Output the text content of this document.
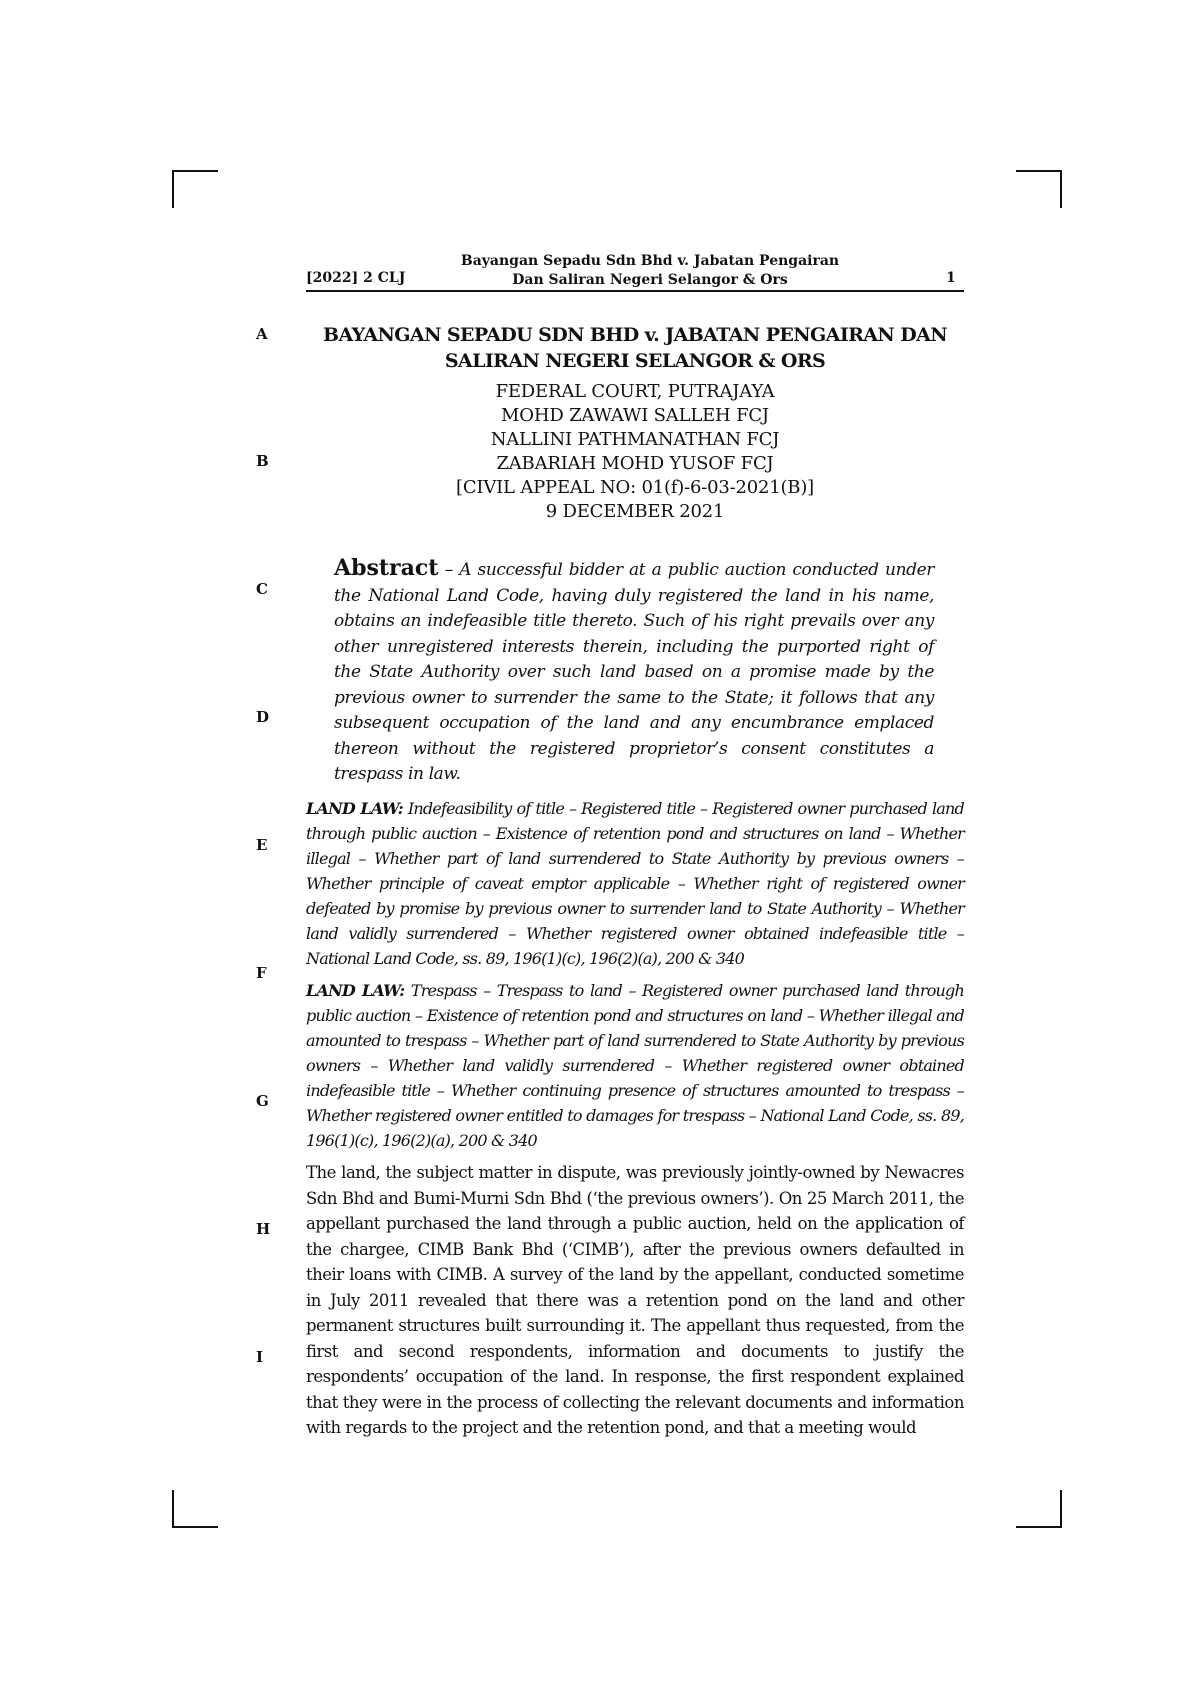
[2022] 2 CLJ
Bayangan Sepadu Sdn Bhd v. Jabatan Pengairan
Dan Saliran Negeri Selangor & Ors	1
A
B
C
D
E
F
G
H
I
BAYANGAN SEPADU SDN BHD v. JABATAN PENGAIRAN DAN
SALIRAN NEGERI SELANGOR & ORS
FEDERAL COURT, PUTRAJAYA
MOHD ZAWAWI SALLEH FCJ
NALLINI PATHMANATHAN FCJ
ZABARIAH MOHD YUSOF FCJ
[CIVIL APPEAL NO: 01(f)-6-03-2021(B)]
9 DECEMBER 2021
Abstract – A successful bidder at a public auction conducted under the National Land Code, having duly registered the land in his name, obtains an indefeasible title thereto. Such of his right prevails over any other unregistered interests therein, including the purported right of the State Authority over such land based on a promise made by the previous owner to surrender the same to the State; it follows that any subsequent occupation of the land and any encumbrance emplaced thereon without the registered proprietor’s consent constitutes a trespass in law.
LAND LAW: Indefeasibility of title – Registered title – Registered owner purchased land through public auction – Existence of retention pond and structures on land – Whether illegal – Whether part of land surrendered to State Authority by previous owners – Whether principle of caveat emptor applicable – Whether right of registered owner defeated by promise by previous owner to surrender land to State Authority – Whether land validly surrendered – Whether registered owner obtained indefeasible title – National Land Code, ss. 89, 196(1)(c), 196(2)(a), 200 & 340
LAND LAW: Trespass – Trespass to land – Registered owner purchased land through public auction – Existence of retention pond and structures on land – Whether illegal and amounted to trespass – Whether part of land surrendered to State Authority by previous owners – Whether land validly surrendered – Whether registered owner obtained indefeasible title – Whether continuing presence of structures amounted to trespass – Whether registered owner entitled to damages for trespass – National Land Code, ss. 89, 196(1)(c), 196(2)(a), 200 & 340
The land, the subject matter in dispute, was previously jointly-owned by Newacres Sdn Bhd and Bumi-Murni Sdn Bhd (‘the previous owners’). On 25 March 2011, the appellant purchased the land through a public auction, held on the application of the chargee, CIMB Bank Bhd (‘CIMB’), after the previous owners defaulted in their loans with CIMB. A survey of the land by the appellant, conducted sometime in July 2011 revealed that there was a retention pond on the land and other permanent structures built surrounding it. The appellant thus requested, from the first and second respondents, information and documents to justify the respondents’ occupation of the land. In response, the first respondent explained that they were in the process of collecting the relevant documents and information with regards to the project and the retention pond, and that a meeting would
